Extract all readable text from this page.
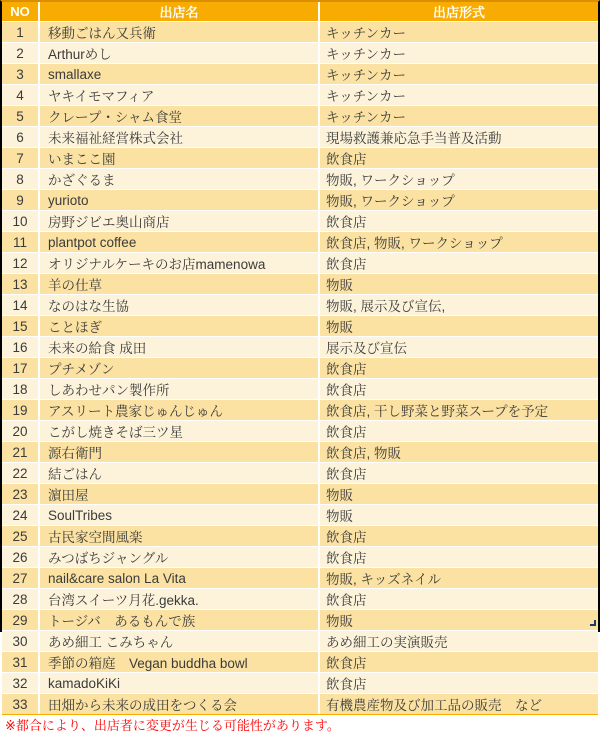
NO	出店名	出店形式
1	移動ごはん又兵衛	キッチンカー
2	Arthurめし	キッチンカー
3	smallaxe	キッチンカー
4	ヤキイモマフィア	キッチンカー
5	クレープ・シャム食堂	キッチンカー
6	未来福祉経営株式会社	現場救護兼応急手当普及活動
7	いまここ園	飲食店
8	かざぐるま	物販, ワークショップ
9	yurioto	物販, ワークショップ
10	房野ジビエ奥山商店	飲食店
11	plantpot coffee	飲食店, 物販, ワークショップ
12	オリジナルケーキのお店mamenowa	飲食店
13	羊の仕草	物販
14	なのはな生協	物販, 展示及び宣伝,
15	ことほぎ	物販
16	未来の給食 成田	展示及び宣伝
17	プチメゾン	飲食店
18	しあわせパン製作所	飲食店
19	アスリート農家じゅんじゅん	飲食店, 干し野菜と野菜スープを予定
20	こがし焼きそば三ツ星	飲食店
21	源右衛門	飲食店, 物販
22	結ごはん	飲食店
23	濵田屋	物販
24	SoulTribes	物販
25	古民家空間風楽	飲食店
26	みつばちジャングル	飲食店
27	nail&care salon La Vita	物販, キッズネイル
28	台湾スイーツ月花.gekka.	飲食店
29	トージバ　あるもんで族	物販
30	あめ細工 こみちゃん	あめ細工の実演販売
31	季節の箱庭　Vegan buddha bowl	飲食店
32	kamadoKiKi	飲食店
33	田畑から未来の成田をつくる会	有機農産物及び加工品の販売　など
※都合により、出店者に変更が生じる可能性があります。
